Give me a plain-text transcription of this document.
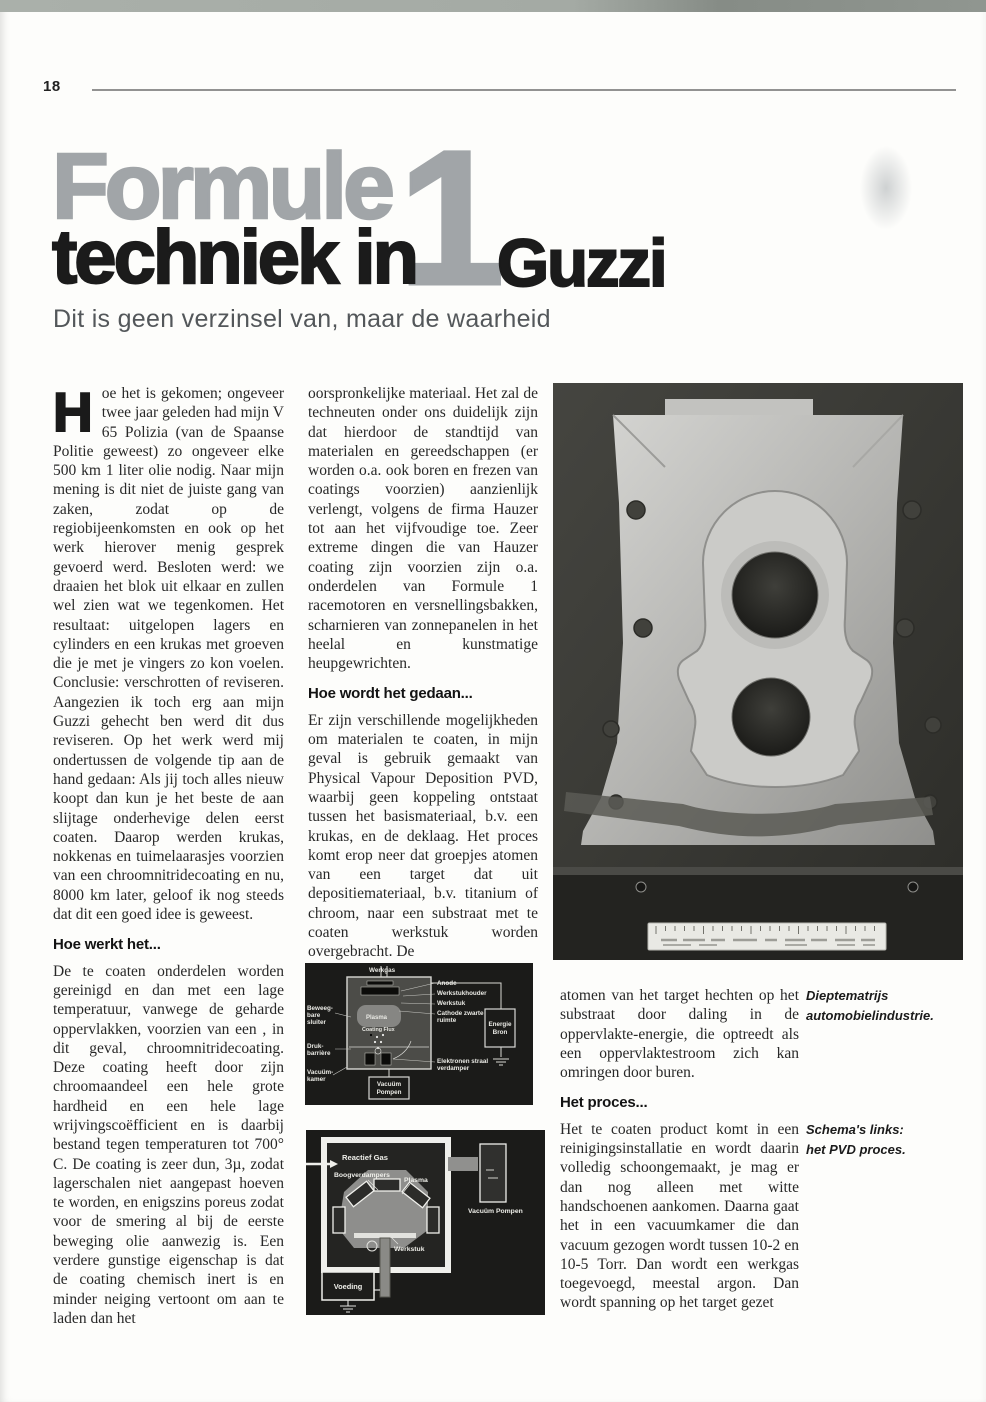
18
Formule 1
techniek in Guzzi
Dit is geen verzinsel van, maar de waarheid

Hoe het is gekomen; ongeveer twee jaar geleden had mijn V 65 Polizia (van de Spaanse Politie geweest) zo ongeveer elke 500 km 1 liter olie nodig. Naar mijn mening is dit niet de juiste gang van zaken, zodat op de regiobijeenkomsten en ook op het werk hierover menig gesprek gevoerd werd. Besloten werd: we draaien het blok uit elkaar en zullen wel zien wat we tegenkomen. Het resultaat: uitgelopen lagers en cylinders en een krukas met groeven die je met je vingers zo kon voelen. Conclusie: verschrotten of reviseren. Aangezien ik toch erg aan mijn Guzzi gehecht ben werd dit dus reviseren. Op het werk werd mij ondertussen de volgende tip aan de hand gedaan: Als jij toch alles nieuw koopt dan kun je het beste de aan slijtage onderhevige delen eerst coaten. Daarop werden krukas, nokkenas en tuimelaarasjes voorzien van een chroomnitridecoating en nu, 8000 km later, geloof ik nog steeds dat dit een goed idee is geweest.

Hoe werkt het...

De te coaten onderdelen worden gereinigd en dan met een lage temperatuur, vanwege de geharde oppervlakken, voorzien van een , in dit geval, chroomnitridecoating. Deze coating heeft door zijn chroomaandeel een hele grote hardheid en een hele lage wrijvingscoëfficient en is daarbij bestand tegen temperaturen tot 700° C. De coating is zeer dun, 3µ, zodat lagerschalen niet aangepast hoeven te worden, en enigszins poreus zodat voor de smering al bij de eerste beweging olie aanwezig is. Een verdere gunstige eigenschap is dat de coating chemisch inert is en minder neiging vertoont om aan te laden dan het

oorspronkelijke materiaal. Het zal de techneuten onder ons duidelijk zijn dat hierdoor de standtijd van materialen en gereedschappen (er worden o.a. ook boren en frezen van coatings voorzien) aanzienlijk verlengt, volgens de firma Hauzer tot aan het vijfvoudige toe. Zeer extreme dingen die van Hauzer coating zijn voorzien zijn o.a. onderdelen van Formule 1 racemotoren en versnellingsbakken, scharnieren van zonnepanelen in het heelal en kunstmatige heupgewrichten.

Hoe wordt het gedaan...

Er zijn verschillende mogelijkheden om materialen te coaten, in mijn geval is gebruik gemaakt van Physical Vapour Deposition PVD, waarbij geen koppeling ontstaat tussen het basismateriaal, b.v. een krukas, en de deklaag. Het proces komt erop neer dat groepjes atomen van een target dat uit depositiemateriaal, b.v. titanium of chroom, naar een substraat met te coaten werkstuk worden overgebracht. De

atomen van het target hechten op het substraat door daling in de oppervlakte-energie, die optreedt als een oppervlaktestroom zich kan omringen door buren.

Het proces...

Het te coaten product komt in een reinigingsinstallatie en wordt daarin volledig schoongemaakt, je mag er dan nog alleen met witte handschoenen aankomen. Daarna gaat het in een vacuumkamer die dan vacuum gezogen wordt tussen 10-2 en 10-5 Torr. Dan wordt een werkgas toegevoegd, meestal argon. Dan wordt spanning op het target gezet

Werkgas
Anode
Werkstukhouder
Werkstuk
Cathode zwarte
ruimte
Elektronen straal
verdamper
Plasma
Coating Flux
Beweeg-
bare
sluiter
Druk-
barrière
Vacuüm-
kamer
Vacuüm
Pompen
Energie
Bron
Reactief Gas
Boogverdampers
Plasma
Vacuüm Pompen
Werkstuk
Voeding
Dieptematrijs
automobielindustrie.
Schema's links:
het PVD proces.
